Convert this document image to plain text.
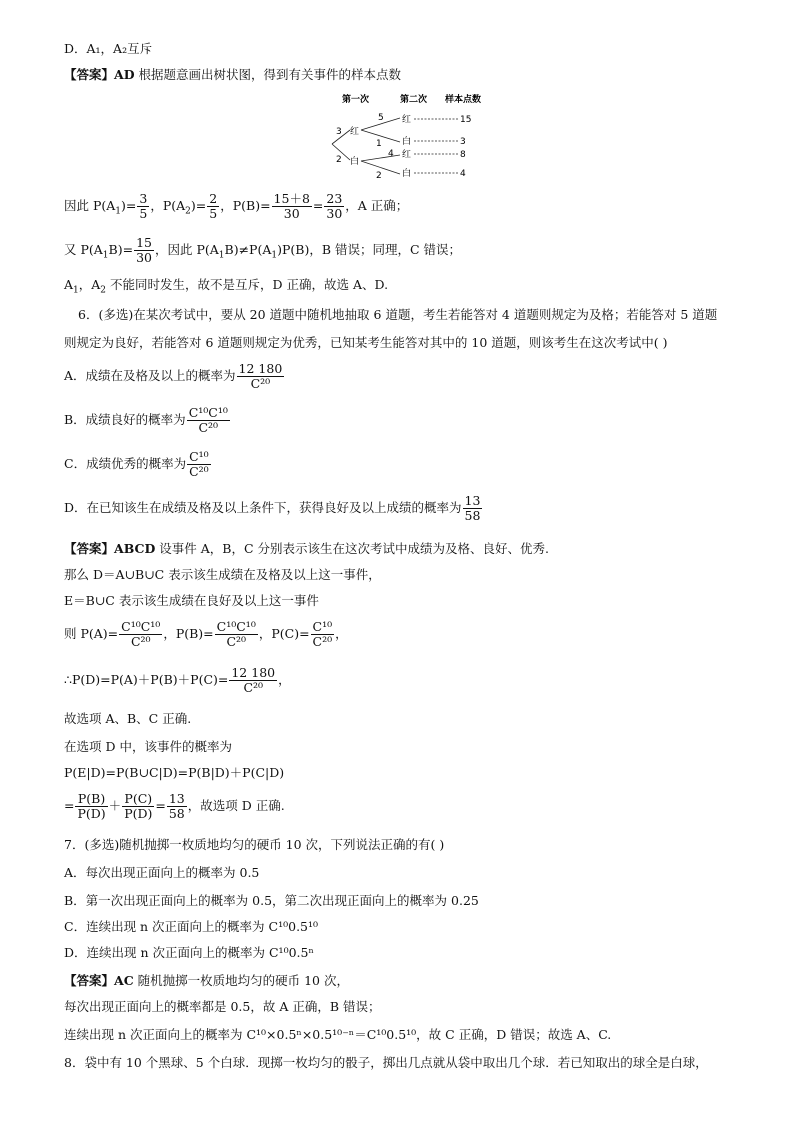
D．A₁，A₂互斥
【答案】AD 根据题意画出树状图，得到有关事件的样本点数
第一次	第二次 样本点数
3
2
红
白
5
1
4
2
红
白
红
白
15
3
8
4
因此 $P(A_1)= \frac{3}{5}$ ，$P(A_2)= \frac{2}{5}$ ，$P(B)= \frac{15+8}{30} = \frac{23}{30}$ ，A 正确；
又 $P(A_1B)= \frac{15}{30}$ ，因此 $P(A_1B)\ne P(A_1)P(B)$，B 错误；同理，C 错误；
$A_1$，$A_2$ 不能同时发生，故不是互斥，D 正确，故选 A、D.
6．(多选)在某次考试中，要从 20 道题中随机地抽取 6 道题，考生若能答对 4 道题则规定为及格；若能答对 5 道题
则规定为良好，若能答对 6 道题则规定为优秀，已知某考生能答对其中的 10 道题，则该考生在这次考试中( )
A．成绩在及格及以上的概率为 $\frac{12 180}{\text{C²⁰}}$
B．成绩良好的概率为 $\frac{\text{C¹⁰C¹⁰}}{\text{C²⁰}}$
C．成绩优秀的概率为 $\frac{\text{C¹⁰}}{\text{C²⁰}}$
D．在已知该生在成绩及格及以上条件下，获得良好及以上成绩的概率为 $\frac{13}{58}$
【答案】ABCD 设事件 A，B，C 分别表示该生在这次考试中成绩为及格、良好、优秀.
那么 D＝A∪B∪C 表示该生成绩在及格及以上这一事件，
E＝B∪C 表示该生成绩在良好及以上这一事件
则 $P(A)= \frac{\text{C¹⁰C¹⁰}}{\text{C²⁰}}$ ，$P(B)= \frac{\text{C¹⁰C¹⁰}}{\text{C²⁰}}$ ，$P(C)= \frac{\text{C¹⁰}}{\text{C²⁰}}$ ，
∴P(D)=P(A)＋P(B)＋P(C)= $\frac{12 180}{\text{C²⁰}}$ ，
故选项 A、B、C 正确.
在选项 D 中，该事件的概率为
P(E|D)=P(B∪C|D)=P(B|D)＋P(C|D)
= $\frac{P(B)}{P(D)} + \frac{P(C)}{P(D)} = \frac{13}{58}$ ，故选项 D 正确.
7．(多选)随机抛掷一枚质地均匀的硬币 10 次，下列说法正确的有( )
A．每次出现正面向上的概率为 0.5
B．第一次出现正面向上的概率为 0.5，第二次出现正面向上的概率为 0.25
C．连续出现 n 次正面向上的概率为 C¹⁰0.5¹⁰
D．连续出现 n 次正面向上的概率为 C¹⁰0.5ⁿ
【答案】AC 随机抛掷一枚质地均匀的硬币 10 次，
每次出现正面向上的概率都是 0.5，故 A 正确，B 错误；
连续出现 n 次正面向上的概率为 C¹⁰×0.5ⁿ×0.5¹⁰⁻ⁿ＝C¹⁰0.5¹⁰，故 C 正确，D 错误；故选 A、C.
8．袋中有 10 个黑球、5 个白球．现掷一枚均匀的骰子，掷出几点就从袋中取出几个球．若已知取出的球全是白球，
